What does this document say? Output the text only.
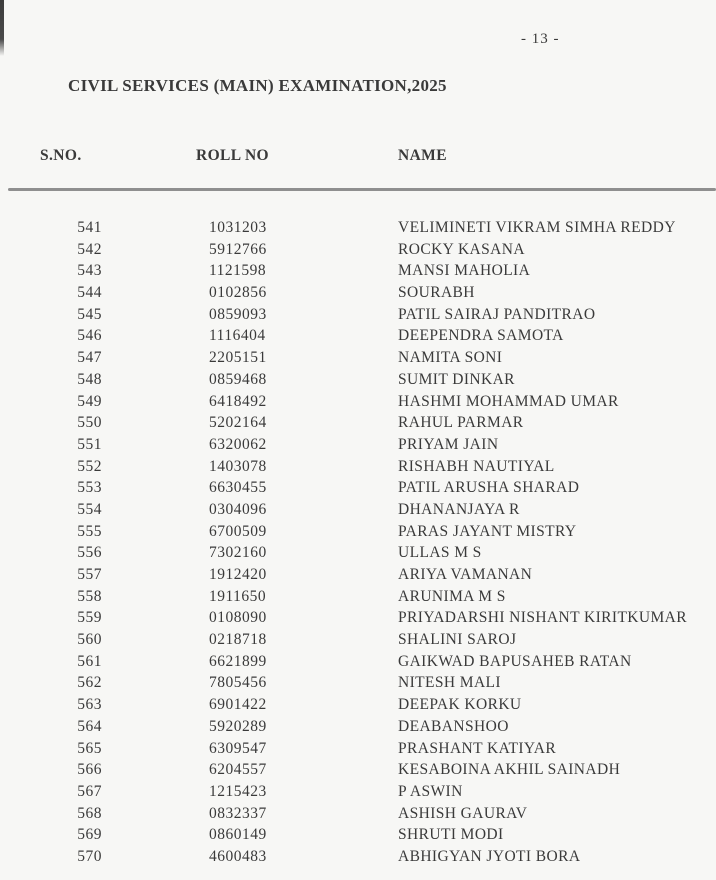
- 13 -
CIVIL SERVICES (MAIN) EXAMINATION,2025
S.NO.	ROLL NO	NAME
541	1031203	VELIMINETI VIKRAM SIMHA REDDY
542	5912766	ROCKY KASANA
543	1121598	MANSI MAHOLIA
544	0102856	SOURABH
545	0859093	PATIL SAIRAJ PANDITRAO
546	1116404	DEEPENDRA SAMOTA
547	2205151	NAMITA SONI
548	0859468	SUMIT DINKAR
549	6418492	HASHMI MOHAMMAD UMAR
550	5202164	RAHUL PARMAR
551	6320062	PRIYAM JAIN
552	1403078	RISHABH NAUTIYAL
553	6630455	PATIL ARUSHA SHARAD
554	0304096	DHANANJAYA R
555	6700509	PARAS JAYANT MISTRY
556	7302160	ULLAS M S
557	1912420	ARIYA VAMANAN
558	1911650	ARUNIMA M S
559	0108090	PRIYADARSHI NISHANT KIRITKUMAR
560	0218718	SHALINI SAROJ
561	6621899	GAIKWAD BAPUSAHEB RATAN
562	7805456	NITESH MALI
563	6901422	DEEPAK KORKU
564	5920289	DEABANSHOO
565	6309547	PRASHANT KATIYAR
566	6204557	KESABOINA AKHIL SAINADH
567	1215423	P ASWIN
568	0832337	ASHISH GAURAV
569	0860149	SHRUTI MODI
570	4600483	ABHIGYAN JYOTI BORA
